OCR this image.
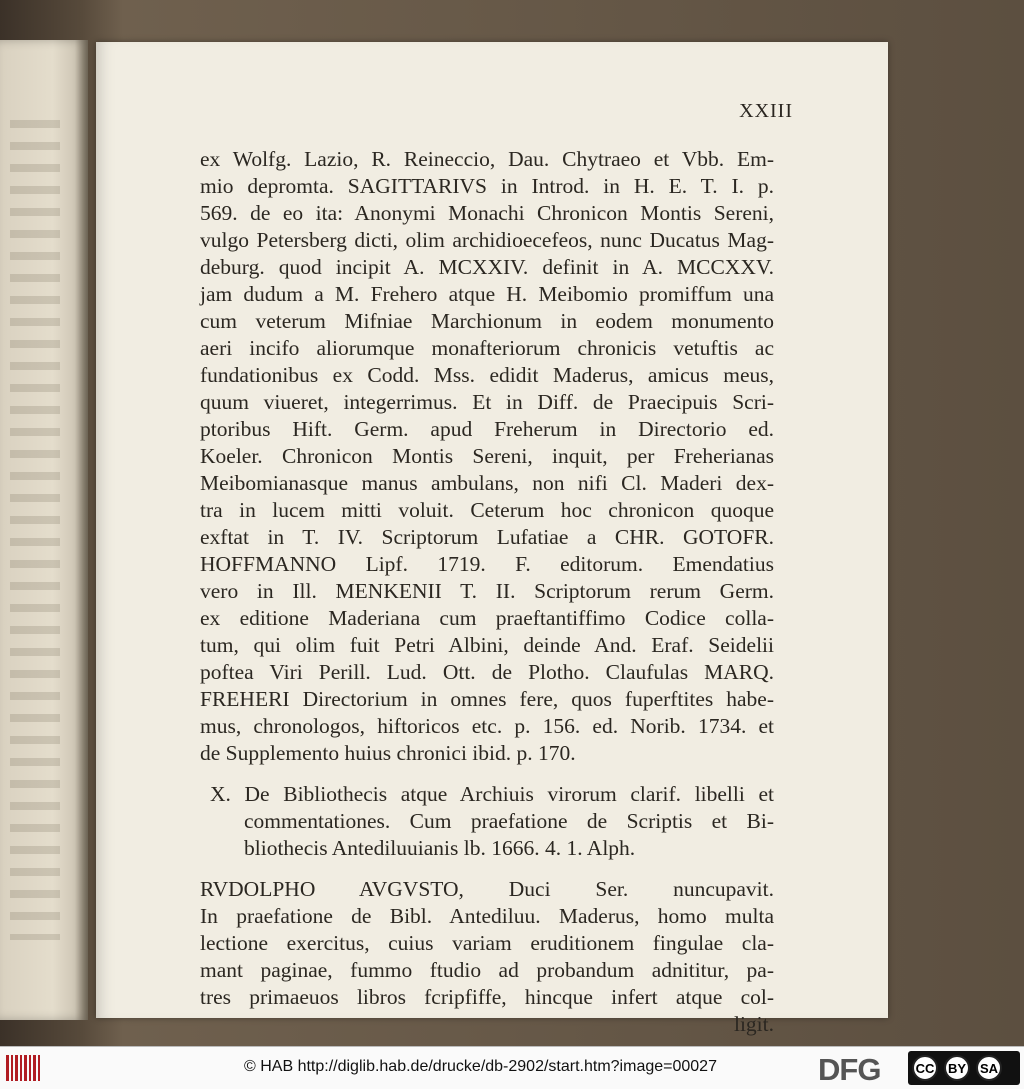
XXIII
ex Wolfg. Lazio, R. Reineccio, Dau. Chytraeo et Vbb. Em-
mio depromta. SAGITTARIVS in Introd. in H. E. T. I. p.
569. de eo ita: Anonymi Monachi Chronicon Montis Sereni,
vulgo Petersberg dicti, olim archidioecefeos, nunc Ducatus Mag-
deburg. quod incipit A. MCXXIV. definit in A. MCCXXV.
jam dudum a M. Frehero atque H. Meibomio promiffum una
cum veterum Mifniae Marchionum in eodem monumento
aeri incifo aliorumque monafteriorum chronicis vetuftis ac
fundationibus ex Codd. Mss. edidit Maderus, amicus meus,
quum viueret, integerrimus. Et in Diff. de Praecipuis Scri-
ptoribus Hift. Germ. apud Freherum in Directorio ed.
Koeler. Chronicon Montis Sereni, inquit, per Freherianas
Meibomianasque manus ambulans, non nifi Cl. Maderi dex-
tra in lucem mitti voluit. Ceterum hoc chronicon quoque
exftat in T. IV. Scriptorum Lufatiae a CHR. GOTOFR.
HOFFMANNO Lipf. 1719. F. editorum. Emendatius
vero in Ill. MENKENII T. II. Scriptorum rerum Germ.
ex editione Maderiana cum praeftantiffimo Codice colla-
tum, qui olim fuit Petri Albini, deinde And. Eraf. Seidelii
poftea Viri Perill. Lud. Ott. de Plotho. Claufulas MARQ.
FREHERI Directorium in omnes fere, quos fuperftites habe-
mus, chronologos, hiftoricos etc. p. 156. ed. Norib. 1734. et
de Supplemento huius chronici ibid. p. 170.
X. De Bibliothecis atque Archiuis virorum clarif. libelli et
commentationes. Cum praefatione de Scriptis et Bi-
bliothecis Antediluuianis lb. 1666. 4. 1. Alph.
RVDOLPHO AVGVSTO, Duci Ser. nuncupavit.
In praefatione de Bibl. Antediluu. Maderus, homo multa
lectione exercitus, cuius variam eruditionem fingulae cla-
mant paginae, fummo ftudio ad probandum adnititur, pa-
tres primaeuos libros fcripfiffe, hincque infert atque col-
ligit.
© HAB http://diglib.hab.de/drucke/db-2902/start.htm?image=00027	DFG	CC	BY	SA
